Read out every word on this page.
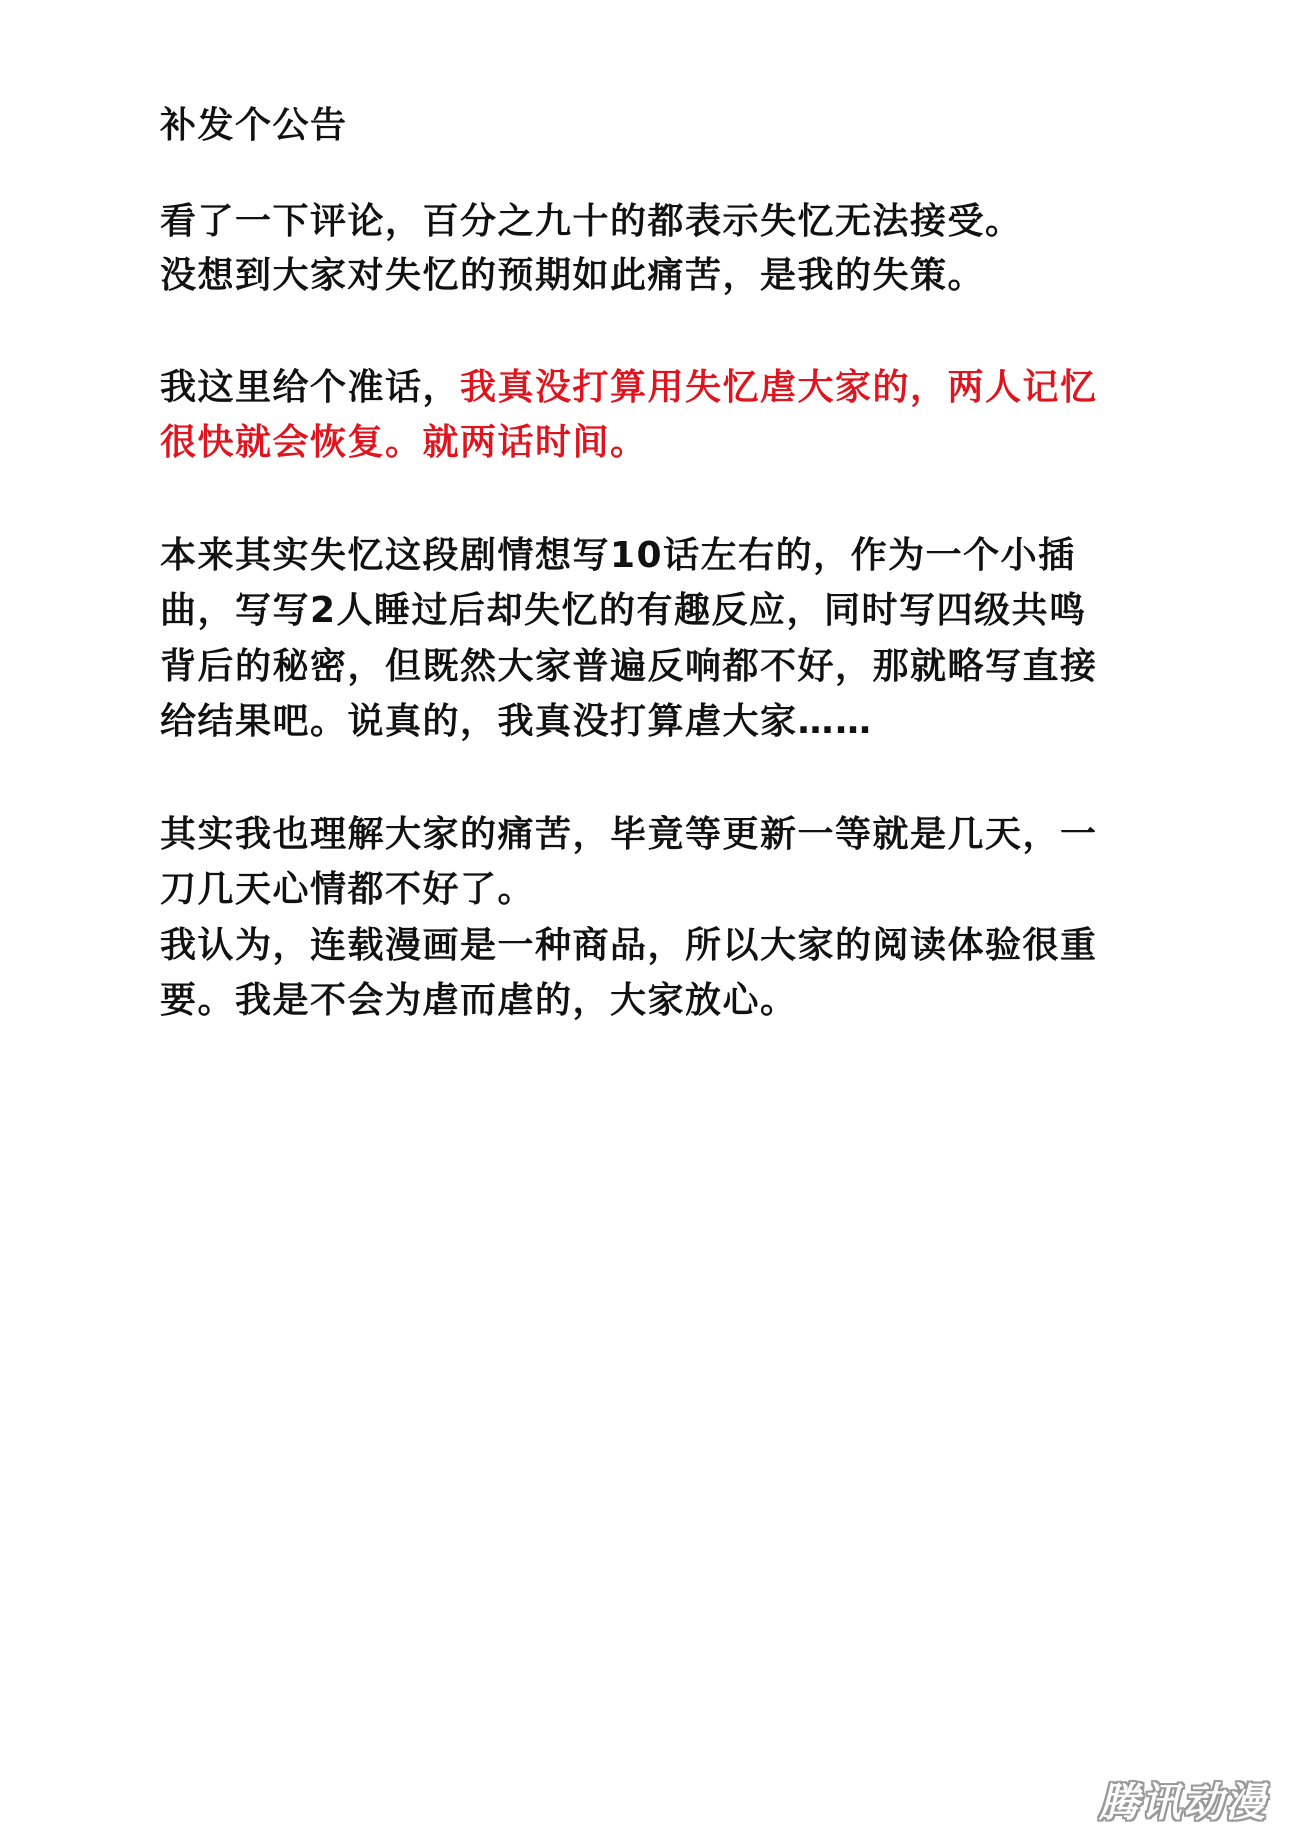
补发个公告
看了一下评论，百分之九十的都表示失忆无法接受。
没想到大家对失忆的预期如此痛苦，是我的失策。
我这里给个准话，我真没打算用失忆虐大家的，两人记忆
很快就会恢复。就两话时间。
本来其实失忆这段剧情想写10话左右的，作为一个小插
曲，写写2人睡过后却失忆的有趣反应，同时写四级共鸣
背后的秘密，但既然大家普遍反响都不好，那就略写直接
给结果吧。说真的，我真没打算虐大家……
其实我也理解大家的痛苦，毕竟等更新一等就是几天，一
刀几天心情都不好了。
我认为，连载漫画是一种商品，所以大家的阅读体验很重
要。我是不会为虐而虐的，大家放心。
腾讯动漫
